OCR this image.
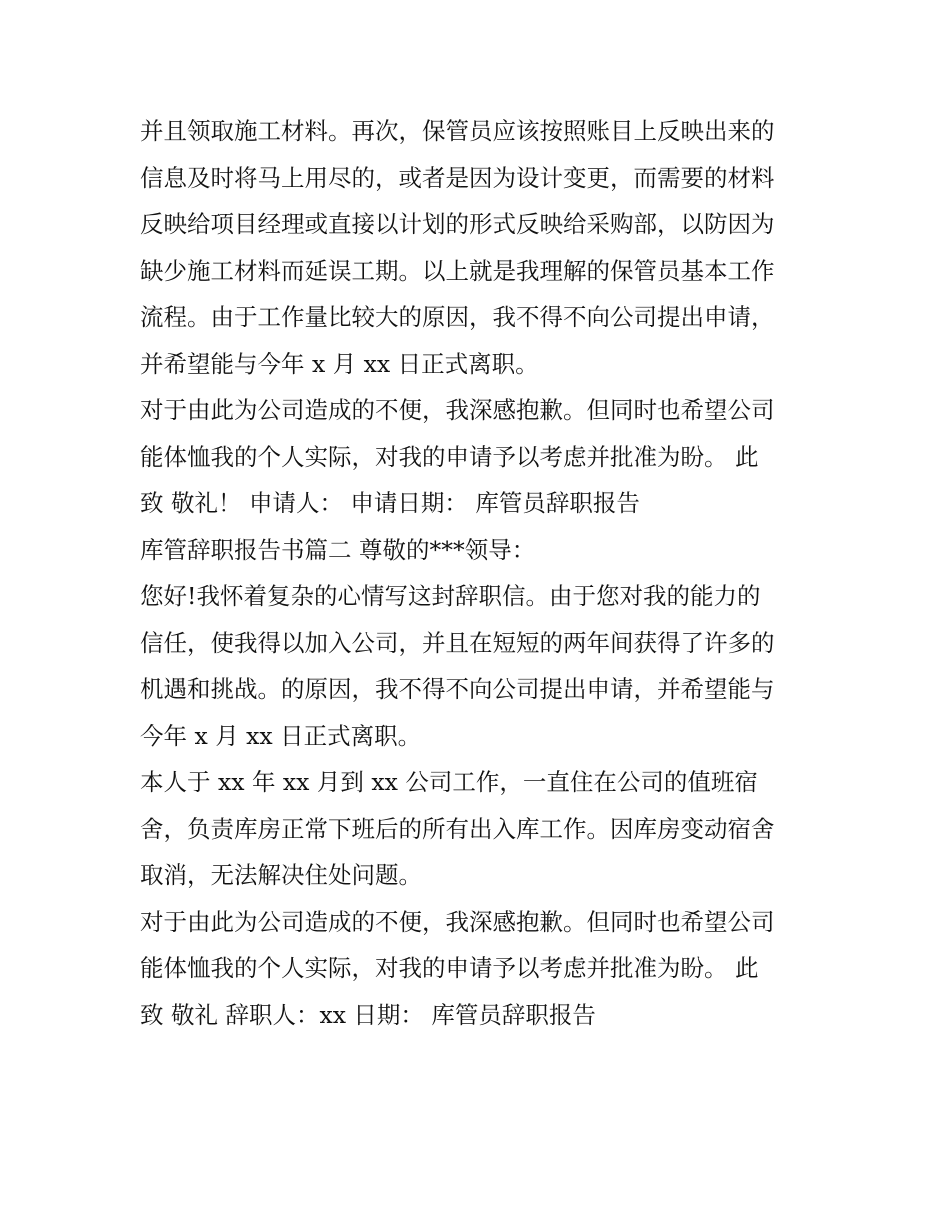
并且领取施工材料。再次，保管员应该按照账目上反映出来的
信息及时将马上用尽的，或者是因为设计变更，而需要的材料
反映给项目经理或直接以计划的形式反映给采购部，以防因为
缺少施工材料而延误工期。以上就是我理解的保管员基本工作
流程。由于工作量比较大的原因，我不得不向公司提出申请，
并希望能与今年 x 月 xx 日正式离职。
对于由此为公司造成的不便，我深感抱歉。但同时也希望公司
能体恤我的个人实际，对我的申请予以考虑并批准为盼。 此
致 敬礼！ 申请人： 申请日期： 库管员辞职报告
库管辞职报告书篇二 尊敬的***领导：
您好!我怀着复杂的心情写这封辞职信。由于您对我的能力的
信任，使我得以加入公司，并且在短短的两年间获得了许多的
机遇和挑战。的原因，我不得不向公司提出申请，并希望能与
今年 x 月 xx 日正式离职。
本人于 xx 年 xx 月到 xx 公司工作，一直住在公司的值班宿
舍，负责库房正常下班后的所有出入库工作。因库房变动宿舍
取消，无法解决住处问题。
对于由此为公司造成的不便，我深感抱歉。但同时也希望公司
能体恤我的个人实际，对我的申请予以考虑并批准为盼。 此
致 敬礼 辞职人：xx 日期： 库管员辞职报告
